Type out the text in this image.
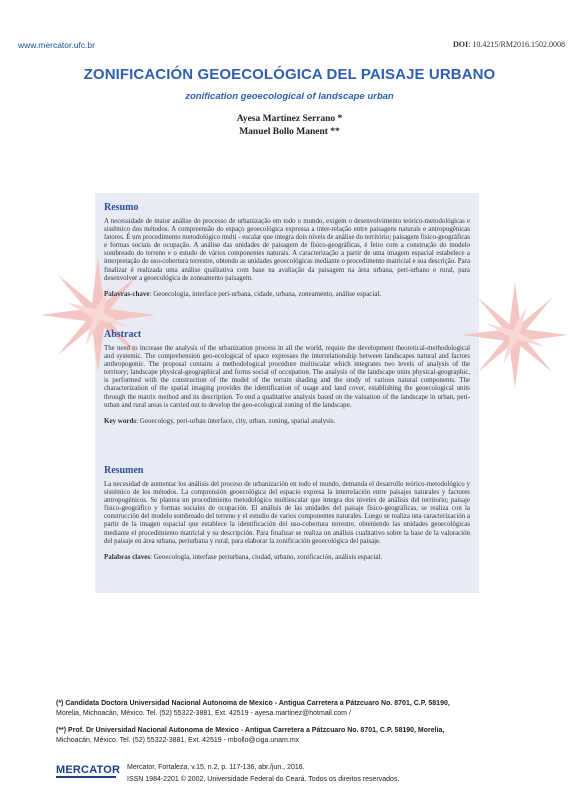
www.mercator.ufc.br	DOI: 10.4215/RM2016.1502.0008
ZONIFICACIÓN GEOECOLÓGICA DEL PAISAJE URBANO
zonification geoecological of landscape urban
Ayesa Martínez Serrano *
Manuel Bollo Manent **
Resumo

A necessidade de maior análise do processo de urbanização em todo o mundo, exigem o desenvolvimento teórico-metodológicas e sistêmico dos métodos. A compreensão do espaço geoecológica expressa a inter-relação entre paisagens naturais e antropogênicas fatores. É um procedimento metodológico multi - escalar que integra dois níveis de análise do território; paisagem físico-geográficas e formas sociais de ocupação. A análise das unidades de paisagem de físico-geográficas, é feito com a construção do modelo sombreado do terreno e o estudo de vários componentes naturais. A caracterização a partir de uma imagem espacial estabelece a interpretação do uso-cobertura terrestre, obtendo as unidades geoecológicas mediante o procedimento matricial e sua descrição. Para finalizar é realizada uma análise qualitativa com base na avaliação da paisagem na área urbana, peri-urbano e rural, para desenvolver a geoecológica de zoneamento paisagem.

Palavras-chave: Geoecologia, interface peri-urbana, cidade, urbana, zoneamento, análise espacial.
Abstract

The need to increase the analysis of the urbanization process in all the world, require the development theoretical-methodological and systemic. The comprehension geo-ecological of space expresses the interrelationship between landscapes natural and factors anthropogenic. The proposal contains a methodological procedure multiscalar which integrates two levels of analysis of the territory; landscape physical-geographical and forms social of occupation. The analysis of the landscape units physical-geographic, is performed with the construction of the model of the terrain shading and the study of various natural components. The characterization of the spatial imaging provides the identification of usage and land cover, establishing the geoecological units through the matrix method and its description. To end a qualitative analysis based on the valuation of the landscape in urban, peri-urban and rural areas is carried out to develop the geo-ecological zoning of the landscape.

Key words: Geoecology, peri-urban interface, city, urban, zoning, spatial analysis.
Resumen

La necesidad de aumentar los análisis del proceso de urbanización en todo el mundo, demanda el desarrollo teórico-metodológico y sistémico de los métodos. La comprensión geoecológica del espacio expresa la interrelación entre paisajes naturales y factores antropogénicos. Se plantea un procedimiento metodológico multiescalar que integra dos niveles de análisis del territorio; paisaje físico-geográfico y formas sociales de ocupación. El análisis de las unidades del paisaje físico-geográficas, se realiza con la construcción del modelo sombreado del terreno y el estudio de varios componentes naturales. Luego se realiza una caracterización a partir de la imagen espacial que establece la identificación del uso-cobertura terrestre, obteniendo las unidades geoecológicas mediante el procedimiento matricial y su descripción. Para finalizar se realiza un análisis cualitativo sobre la base de la valoración del paisaje en área urbana, periurbana y rural, para elaborar la zonificación geoecológica del paisaje.

Palabras claves: Geoecología, interfase periurbana, ciudad, urbano, zonificación, análisis espacial.
(*) Candidata Doctora Universidad Nacional Autonoma de Mexico - Antigua Carretera a Pátzcuaro No. 8701, C.P. 58190,
Morelia, Michoacán, México. Tel. (52) 55322-3881, Ext. 42519 - ayesa.martinez@hotmail.com /
(**) Prof. Dr Universidad Nacional Autonoma de Mexico - Antigua Carretera a Pátzcuaro No. 8701, C.P. 58190, Morelia,
Michoacán, México. Tel. (52) 55322-3881, Ext. 42519 - mbollo@ciga.unam.mx
MERCATOR Mercator, Fortaleza, v.15, n.2, p. 117-136, abr./jun., 2016.
ISSN 1984-2201 © 2002, Universidade Federal do Ceará. Todos os direitos reservados.
